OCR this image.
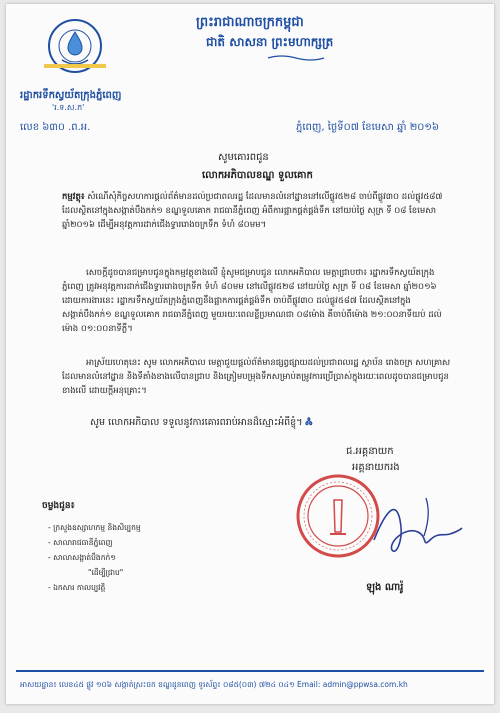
រដ្ឋាករទឹកស្វយ័តក្រុងភ្នំពេញ
'រ.ទ.ស.ភ'
លេខ ៦៣០ .ព.អ.
ព្រះរាជាណាចក្រកម្ពុជា
ជាតិ សាសនា ព្រះមហាក្សត្រ
ភ្នំពេញ, ថ្ងៃទី០៧ ខែមេសា ឆ្នាំ ២០១៦
សូមគោរពជូន
លោកអភិបាលខណ្ឌ ទួលគោក
កម្មវត្ថុ៖ សំណើសុំកិច្ចសហការផ្តល់ព័ត៌មានដល់ប្រជាពលរដ្ឋ ដែលមានលំនៅដ្ឋាននៅលើផ្លូវ៥២៨ ចាប់ពីផ្លូវ៣០ ដល់ផ្លូវ៥៨៧ ដែលស្ថិតនៅក្នុងសង្កាត់បឹងកក់១ ខណ្ឌទួលគោក រាជធានីភ្នំពេញ អំពីការផ្អាកផ្គត់ផ្គង់ទឹក នៅយប់ថ្ងៃ សុក្រ ទី ០៨ ខែមេសា ឆ្នាំ២០១៦ ដើម្បីអនុវត្តការដាក់ជើងទ្វាររោងចក្រទឹក ទំហំ ៨០មម។
សេចក្តីដូចបានជម្រាបជូនក្នុងកម្មវត្ថុខាងលើ ខ្ញុំសូមជម្រាបជូន លោកអភិបាល មេត្តាជ្រាបថា៖ រដ្ឋាករទឹកស្វយ័តក្រុងភ្នំពេញ ត្រូវអនុវត្តការដាក់ជើងទ្វាររោងចក្រទឹក ទំហំ ៨០មម នៅលើផ្លូវ៥២៨ នៅយប់ថ្ងៃ សុក្រ ទី ០៨ ខែមេសា ឆ្នាំ២០១៦ ដោយការងារនេះ រដ្ឋាករទឹកស្វយ័តក្រុងភ្នំពេញនឹងផ្អាកការផ្គត់ផ្គង់ទឹក ចាប់ពីផ្លូវ៣០ ដល់ផ្លូវ៥៨៧ ដែលស្ថិតនៅក្នុងសង្កាត់បឹងកក់១ ខណ្ឌទួលគោក រាជធានីភ្នំពេញ មួយរយៈពេលខ្លីប្រមាណជា ០៨ម៉ោង គឺចាប់ពីម៉ោង ២១:០០នាទីយប់ ដល់ម៉ោង ០១:០០នាទីភ្លឺ។
អាស្រ័យហេតុនេះ សូម លោកអភិបាល មេត្តាជួយផ្តល់ព័ត៌មានផ្សព្វផ្សាយដល់ប្រជាពលរដ្ឋ ស្ថាប័ន រោងចក្រ សហគ្រាស ដែលមានលំនៅដ្ឋាន និងទីតាំងខាងលើបានជ្រាប និងត្រៀមបម្រុងទឹកសម្រាប់តម្រូវការប្រើប្រាស់ក្នុងរយៈពេលដូចបានជម្រាបជូនខាងលើ ដោយក្តីអនុគ្រោះ។
សូម លោកអភិបាល ទទួលនូវការគោរពរាប់អានដ៏ស្មោះអំពីខ្ញុំ។ Ꮬ
ជ.អគ្គនាយក
អគ្គនាយករង
ឡុង ណារ៉ូ
ចម្លងជូន៖
- ក្រសួងឧស្សាហកម្ម និងសិប្បកម្ម
- សាលារាជធានីភ្នំពេញ
- សាលាសង្កាត់បឹងកក់១
"ដើម្បីជ្រាប"
- ឯកសារ កាលប្បវត្តិ
អាសយដ្ឋាន៖ លេខ៤៥ ផ្លូវ ១០៦ សង្កាត់ស្រះចក ខណ្ឌដូនពេញ ទូរស័ព្ទ៖ ០៨៥(០៣) ៧២៤ ០៤១ Email: admin@ppwsa.com.kh
